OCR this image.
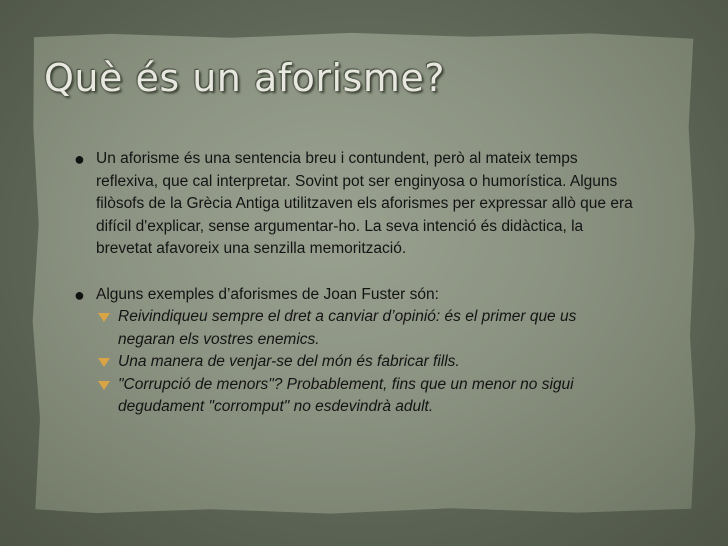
Què és un aforisme?
● Un aforisme és una sentencia breu i contundent, però al mateix temps reflexiva, que cal interpretar. Sovint pot ser enginyosa o humorística. Alguns filòsofs de la Grècia Antiga utilitzaven els aforismes per expressar allò que era difícil d'explicar, sense argumentar-ho. La seva intenció és didàctica, la brevetat afavoreix una senzilla memorització.
● Alguns exemples d’aforismes de Joan Fuster són:
Reivindiqueu sempre el dret a canviar d’opinió: és el primer que us negaran els vostres enemics.
Una manera de venjar-se del món és fabricar fills.
"Corrupció de menors"? Probablement, fins que un menor no sigui degudament "corromput" no esdevindrà adult.
